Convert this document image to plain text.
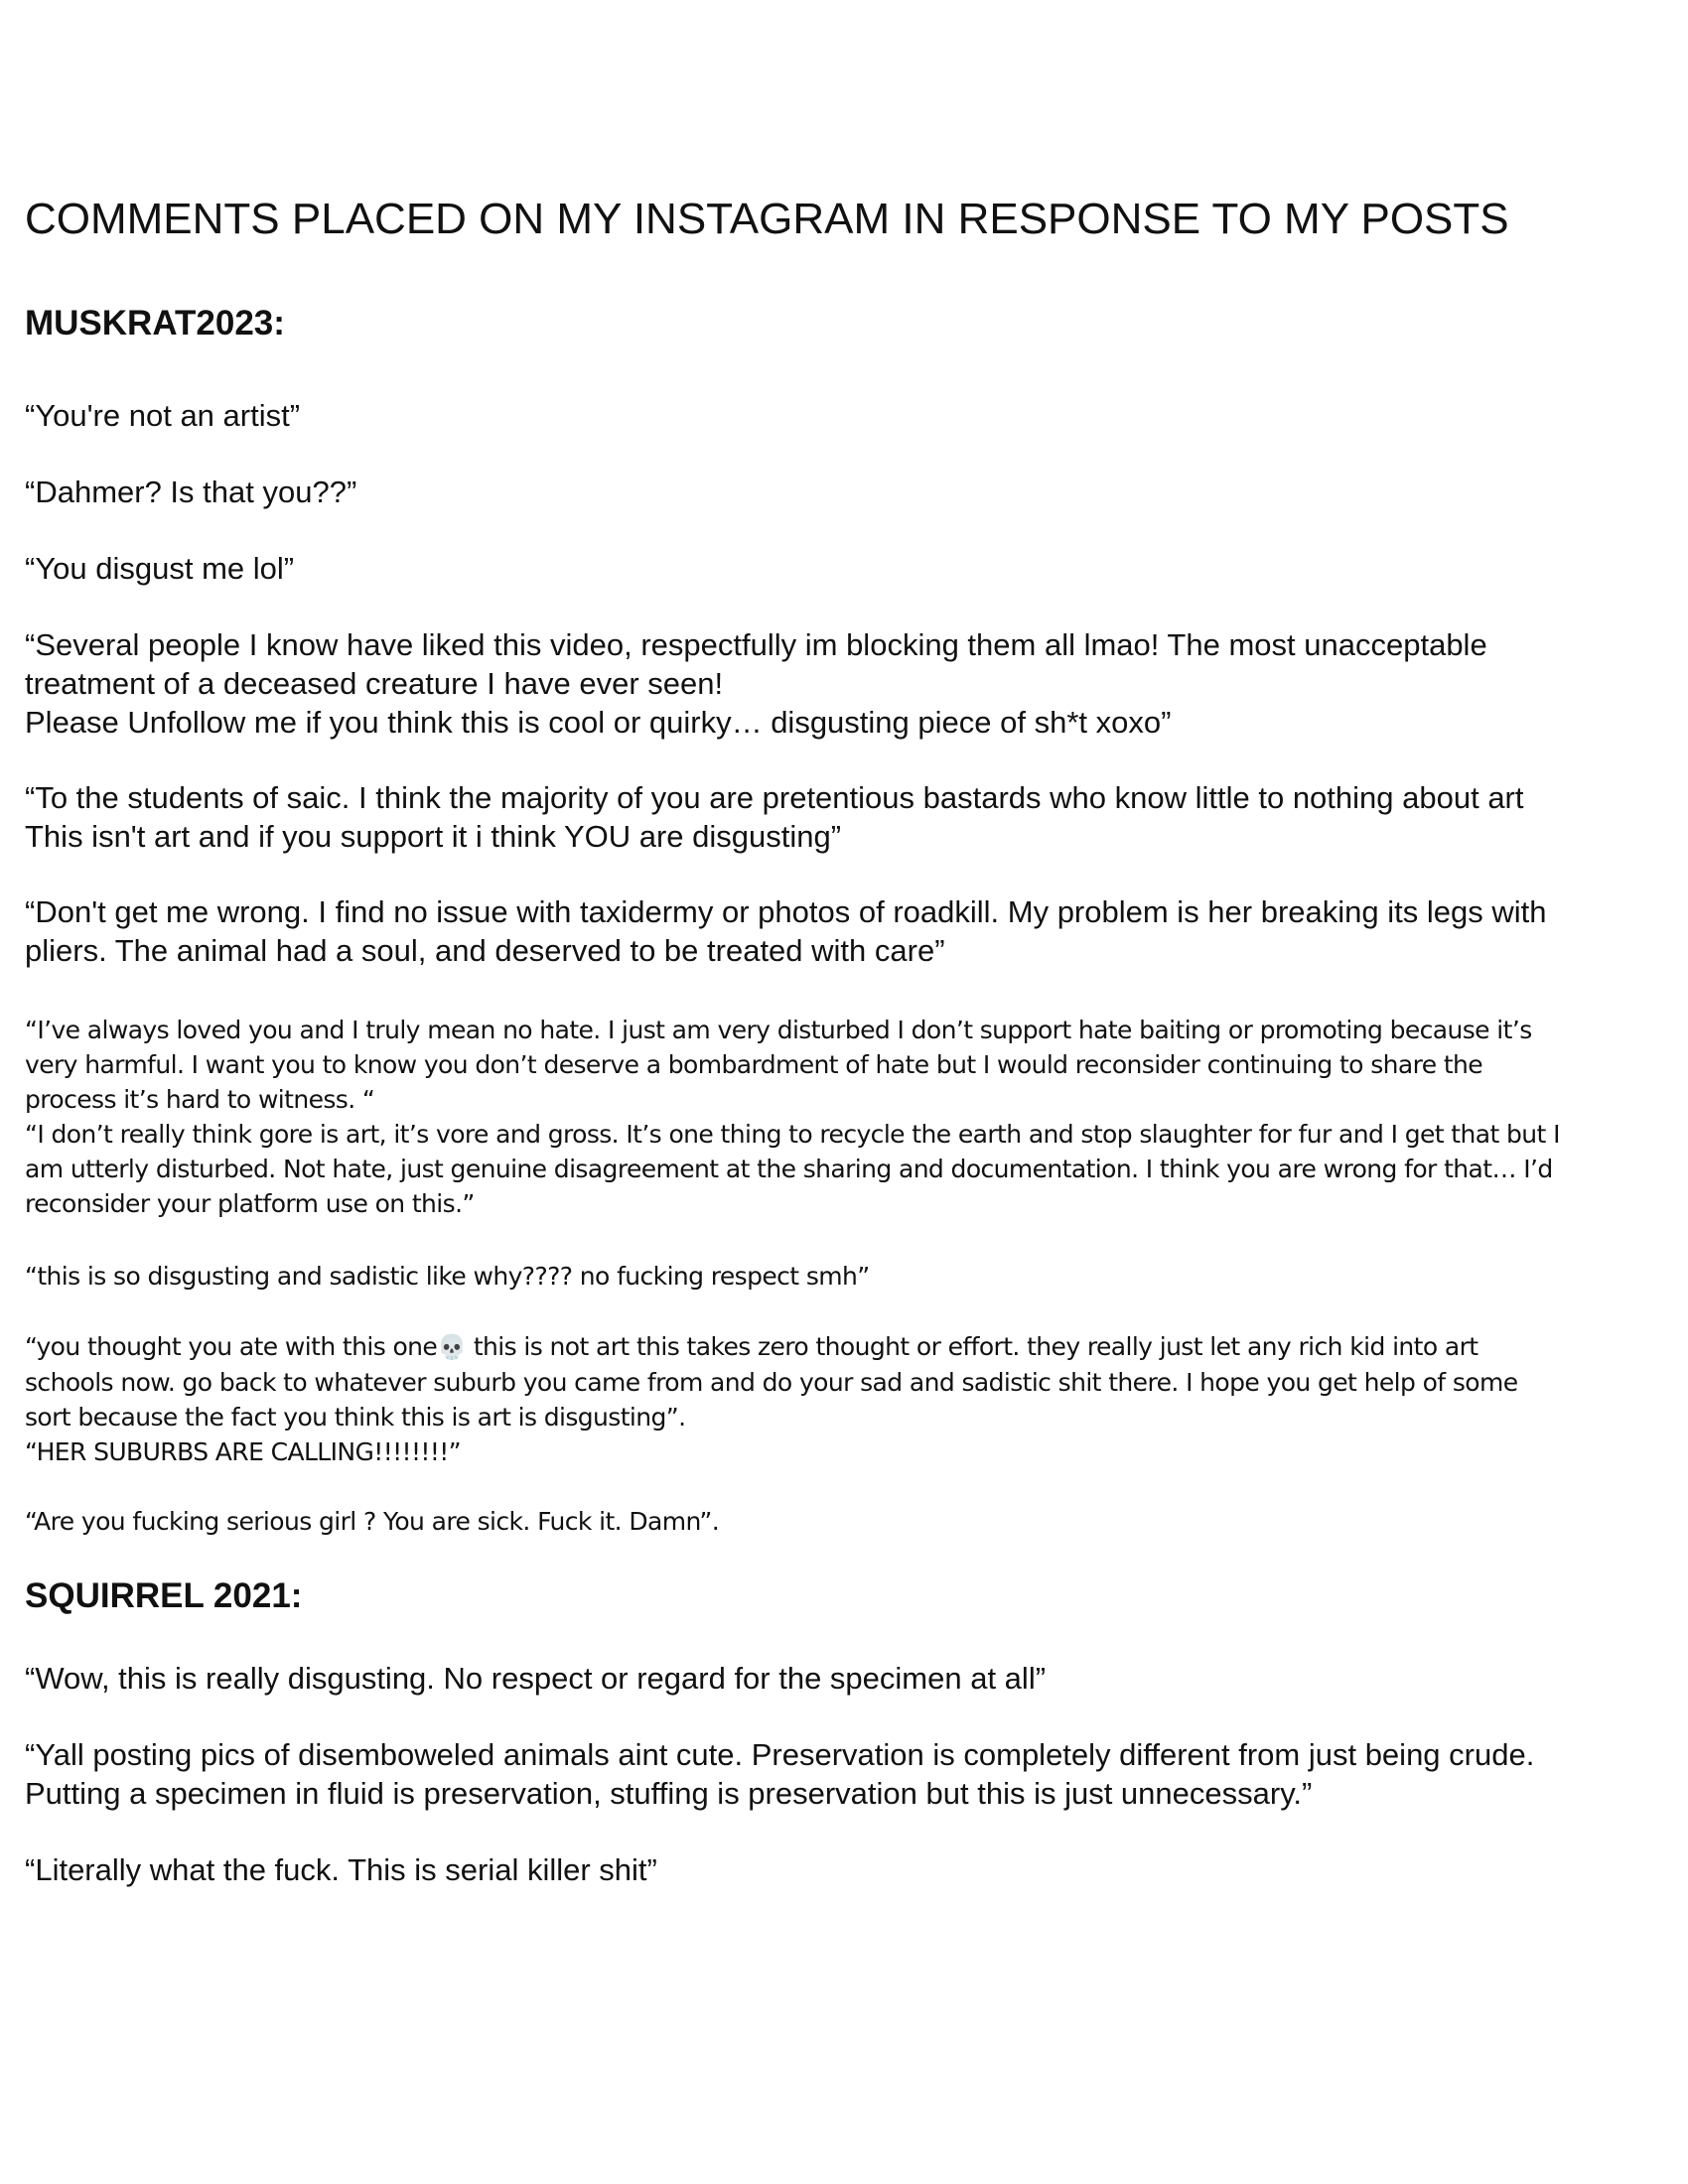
COMMENTS PLACED ON MY INSTAGRAM IN RESPONSE TO MY POSTS
MUSKRAT2023:
“You're not an artist”
“Dahmer? Is that you??”
“You disgust me lol”
“Several people I know have liked this video, respectfully im blocking them all lmao! The most unacceptable
treatment of a deceased creature I have ever seen!
Please Unfollow me if you think this is cool or quirky… disgusting piece of sh*t xoxo”
“To the students of saic. I think the majority of you are pretentious bastards who know little to nothing about art
This isn't art and if you support it i think YOU are disgusting”
“Don't get me wrong. I find no issue with taxidermy or photos of roadkill. My problem is her breaking its legs with
pliers. The animal had a soul, and deserved to be treated with care”
“I’ve always loved you and I truly mean no hate. I just am very disturbed I don’t support hate baiting or promoting because it’s
very harmful. I want you to know you don’t deserve a bombardment of hate but I would reconsider continuing to share the
process it’s hard to witness. “
“I don’t really think gore is art, it’s vore and gross. It’s one thing to recycle the earth and stop slaughter for fur and I get that but I
am utterly disturbed. Not hate, just genuine disagreement at the sharing and documentation. I think you are wrong for that… I’d
reconsider your platform use on this.”
“this is so disgusting and sadistic like why???? no fucking respect smh”
“you thought you ate with this one💀 this is not art this takes zero thought or effort. they really just let any rich kid into art
schools now. go back to whatever suburb you came from and do your sad and sadistic shit there. I hope you get help of some
sort because the fact you think this is art is disgusting”.
“HER SUBURBS ARE CALLING!!!!!!!!”
“Are you fucking serious girl ? You are sick. Fuck it. Damn”.
SQUIRREL 2021:
“Wow, this is really disgusting. No respect or regard for the specimen at all”
“Yall posting pics of disemboweled animals aint cute. Preservation is completely different from just being crude.
Putting a specimen in fluid is preservation, stuffing is preservation but this is just unnecessary.”
“Literally what the fuck. This is serial killer shit”
